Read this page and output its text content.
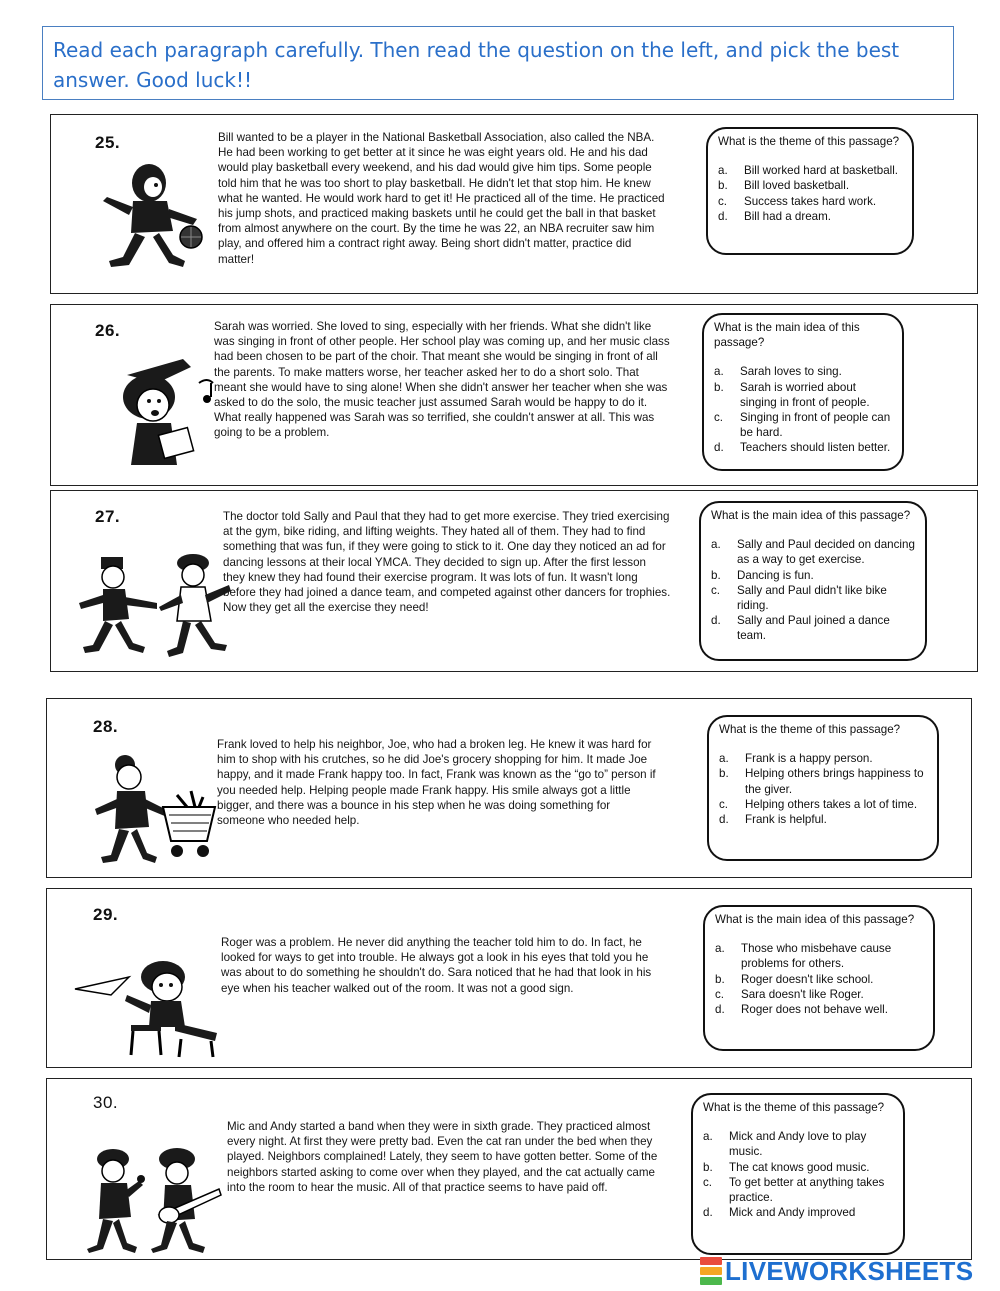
Read each paragraph carefully. Then read the question on the left, and pick the best answer. Good luck!!
25.
3
Bill wanted to be a player in the National Basketball Association, also called the NBA. He had been working to get better at it since he was eight years old. He and his dad would play basketball every weekend, and his dad would give him tips. Some people told him that he was too short to play basketball. He didn't let that stop him. He knew what he wanted. He would work hard to get it! He practiced all of the time. He practiced his jump shots, and practiced making baskets until he could get the ball in that basket from almost anywhere on the court. By the time he was 22, an NBA recruiter saw him play, and offered him a contract right away. Being short didn't matter, practice did matter!
What is the theme of this passage?
a.	Bill worked hard at basketball.
b.	Bill loved basketball.
c.	Success takes hard work.
d.	Bill had a dream.
26.	Sarah was worried. She loved to sing, especially with her friends. What she didn't like was singing in front of other people. Her school play was coming up, and her music class had been chosen to be part of the choir. That meant she would be singing in front of all the parents. To make matters worse, her teacher asked her to do a short solo. That meant she would have to sing alone! When she didn't answer her teacher when she was asked to do the solo, the music teacher just assumed Sarah would be happy to do it. What really happened was Sarah was so terrified, she couldn't answer at all. This was going to be a problem.
What is the main idea of this passage?
a.	Sarah loves to sing.
b.	Sarah is worried about singing in front of people.
c.	Singing in front of people can be hard.
d.	Teachers should listen better.
27.	The doctor told Sally and Paul that they had to get more exercise. They tried exercising at the gym, bike riding, and lifting weights. They hated all of them. They had to find something that was fun, if they were going to stick to it. One day they noticed an ad for dancing lessons at their local YMCA. They decided to sign up. After the first lesson they knew they had found their exercise program. It was lots of fun. It wasn't long before they had joined a dance team, and competed against other dancers for trophies. Now they get all the exercise they need!
What is the main idea of this passage?
a.	Sally and Paul decided on dancing as a way to get exercise.
b.	Dancing is fun.
c.	Sally and Paul didn't like bike riding.
d.	Sally and Paul joined a dance team.
28.
Frank loved to help his neighbor, Joe, who had a broken leg. He knew it was hard for him to shop with his crutches, so he did Joe's grocery shopping for him. It made Joe happy, and it made Frank happy too. In fact, Frank was known as the “go to” person if you needed help. Helping people made Frank happy. His smile always got a little bigger, and there was a bounce in his step when he was doing something for someone who needed help.
What is the theme of this passage?
a.	Frank is a happy person.
b.	Helping others brings happiness to the giver.
c.	Helping others takes a lot of time.
d.	Frank is helpful.
29.
Roger was a problem. He never did anything the teacher told him to do. In fact, he looked for ways to get into trouble. He always got a look in his eyes that told you he was about to do something he shouldn't do. Sara noticed that he had that look in his eye when his teacher walked out of the room. It was not a good sign.
What is the main idea of this passage?
a.	Those who misbehave cause problems for others.
b.	Roger doesn't like school.
c.	Sara doesn't like Roger.
d.	Roger does not behave well.
30.
Mic and Andy started a band when they were in sixth grade. They practiced almost every night. At first they were pretty bad. Even the cat ran under the bed when they played. Neighbors complained! Lately, they seem to have gotten better. Some of the neighbors started asking to come over when they played, and the cat actually came into the room to hear the music. All of that practice seems to have paid off.
What is the theme of this passage?
a.	Mick and Andy love to play music.
b.	The cat knows good music.
c.	To get better at anything takes practice.
d.	Mick and Andy improved
LIVEWORKSHEETS
